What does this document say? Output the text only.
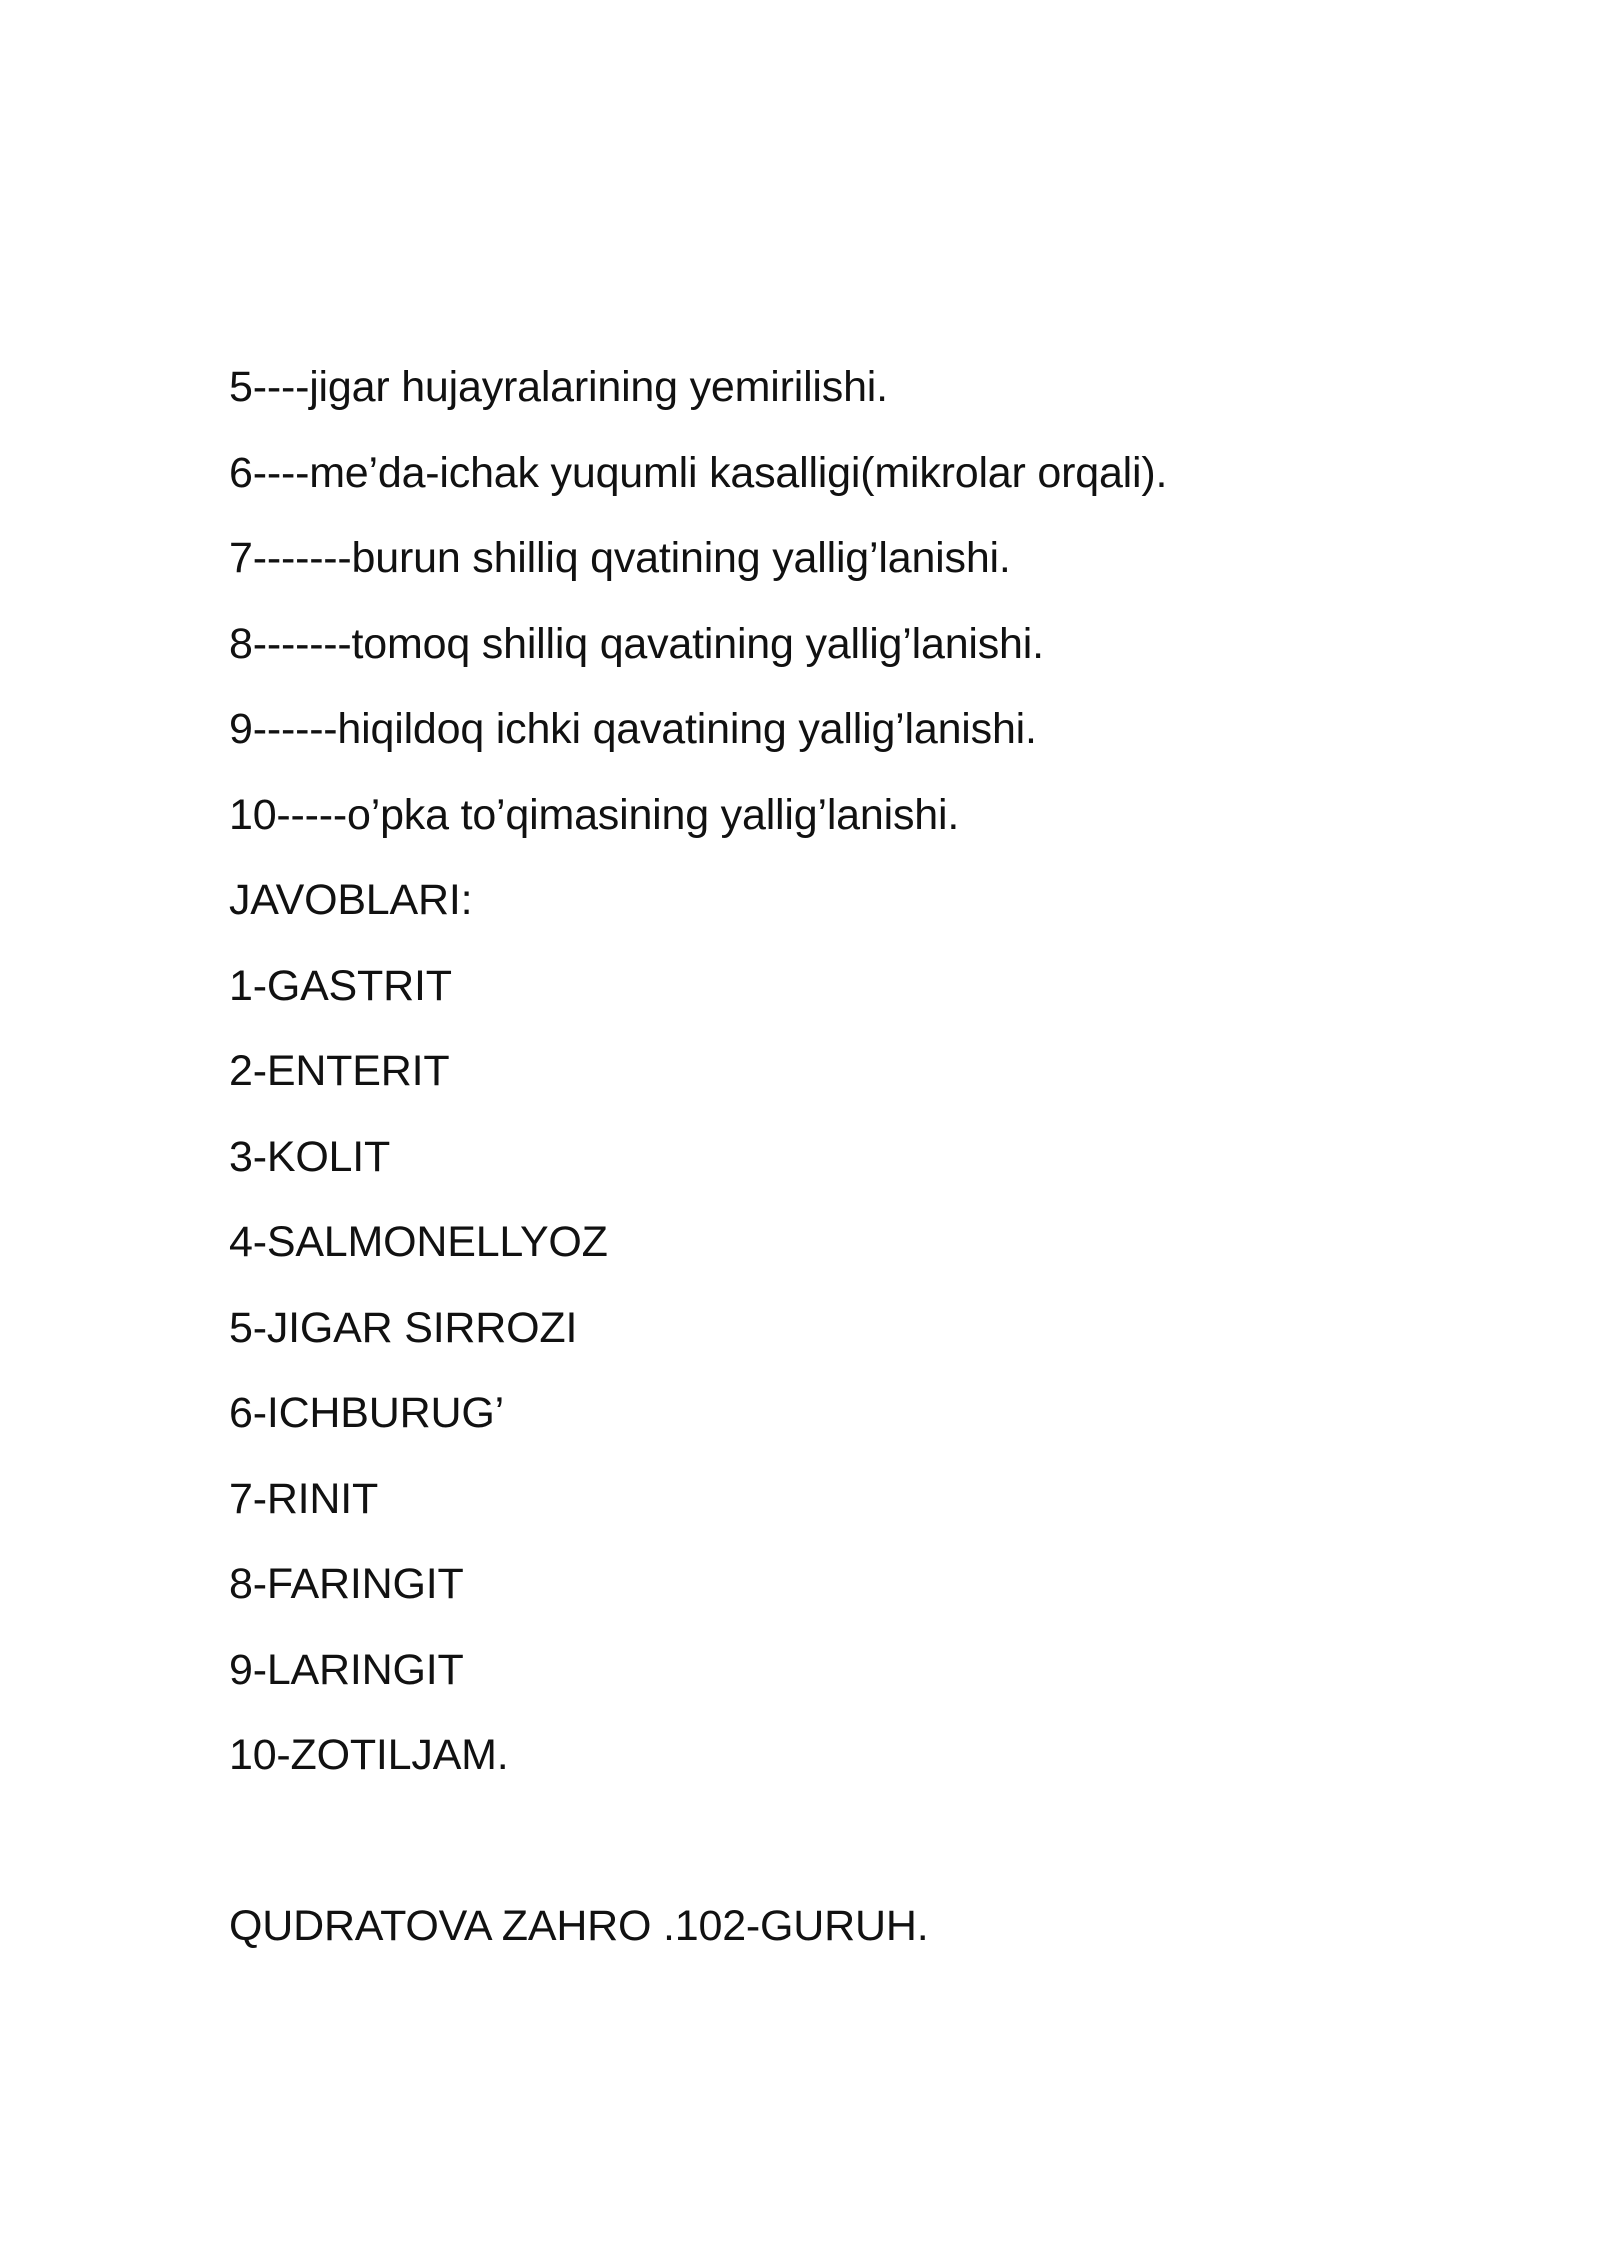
5----jigar hujayralarining yemirilishi.
6----me’da-ichak yuqumli kasalligi(mikrolar orqali).
7-------burun shilliq qvatining yallig’lanishi.
8-------tomoq shilliq qavatining yallig’lanishi.
9------hiqildoq ichki qavatining yallig’lanishi.
10-----o’pka to’qimasining yallig’lanishi.
JAVOBLARI:
1-GASTRIT
2-ENTERIT
3-KOLIT
4-SALMONELLYOZ
5-JIGAR SIRROZI
6-ICHBURUG’
7-RINIT
8-FARINGIT
9-LARINGIT
10-ZOTILJAM.
QUDRATOVA ZAHRO .102-GURUH.
